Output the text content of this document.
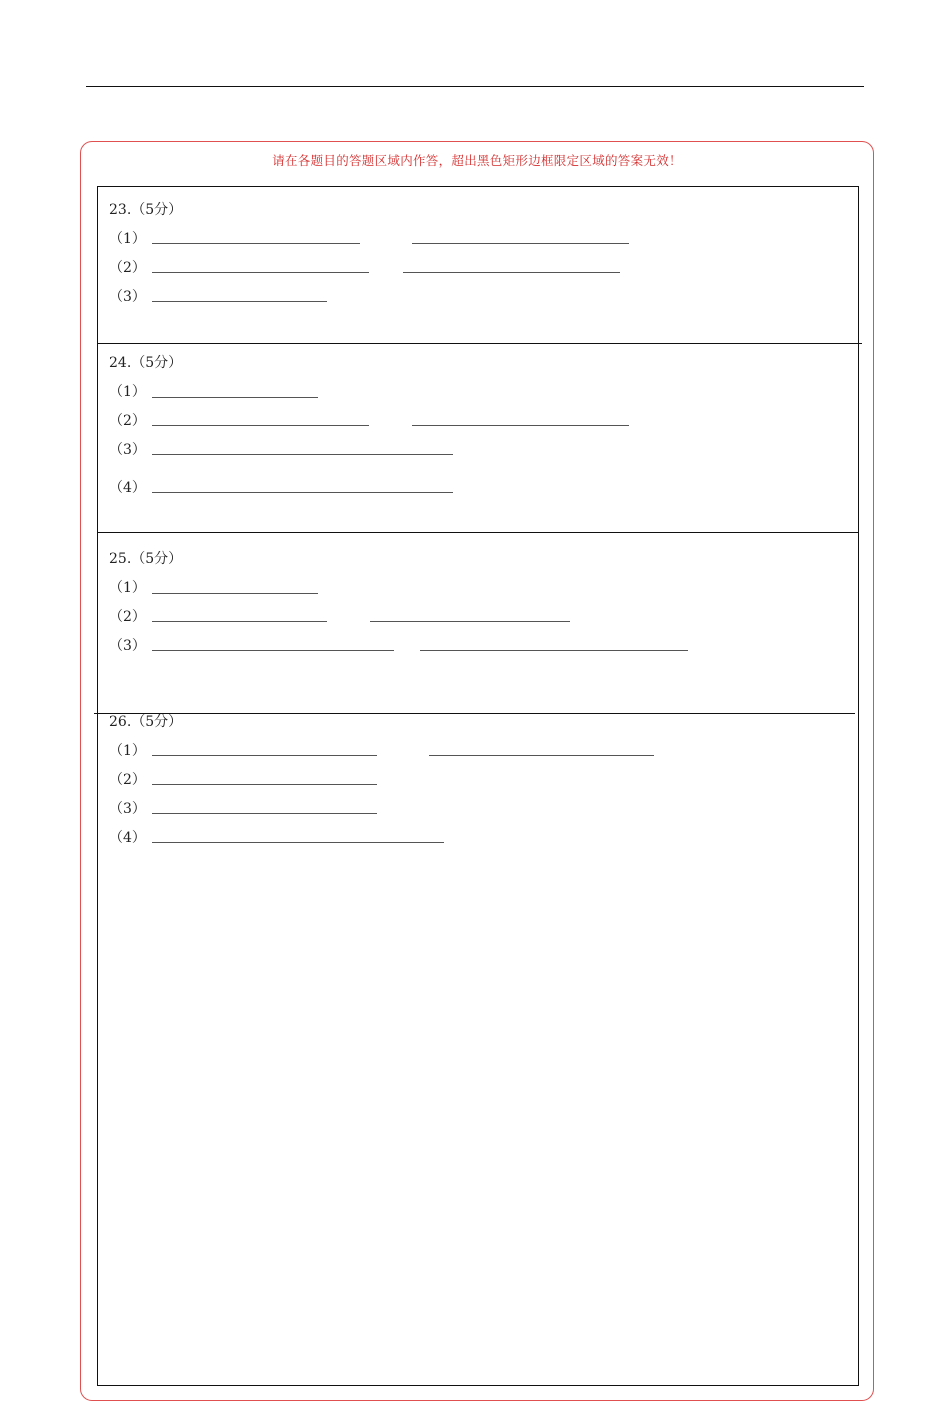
请在各题目的答题区域内作答，超出黑色矩形边框限定区域的答案无效！
23.（5分）
（1）
（2）
（3）
24.（5分）
（1）
（2）
（3）
（4）
25.（5分）
（1）
（2）
（3）
26.（5分）
（1）
（2）
（3）
（4）
